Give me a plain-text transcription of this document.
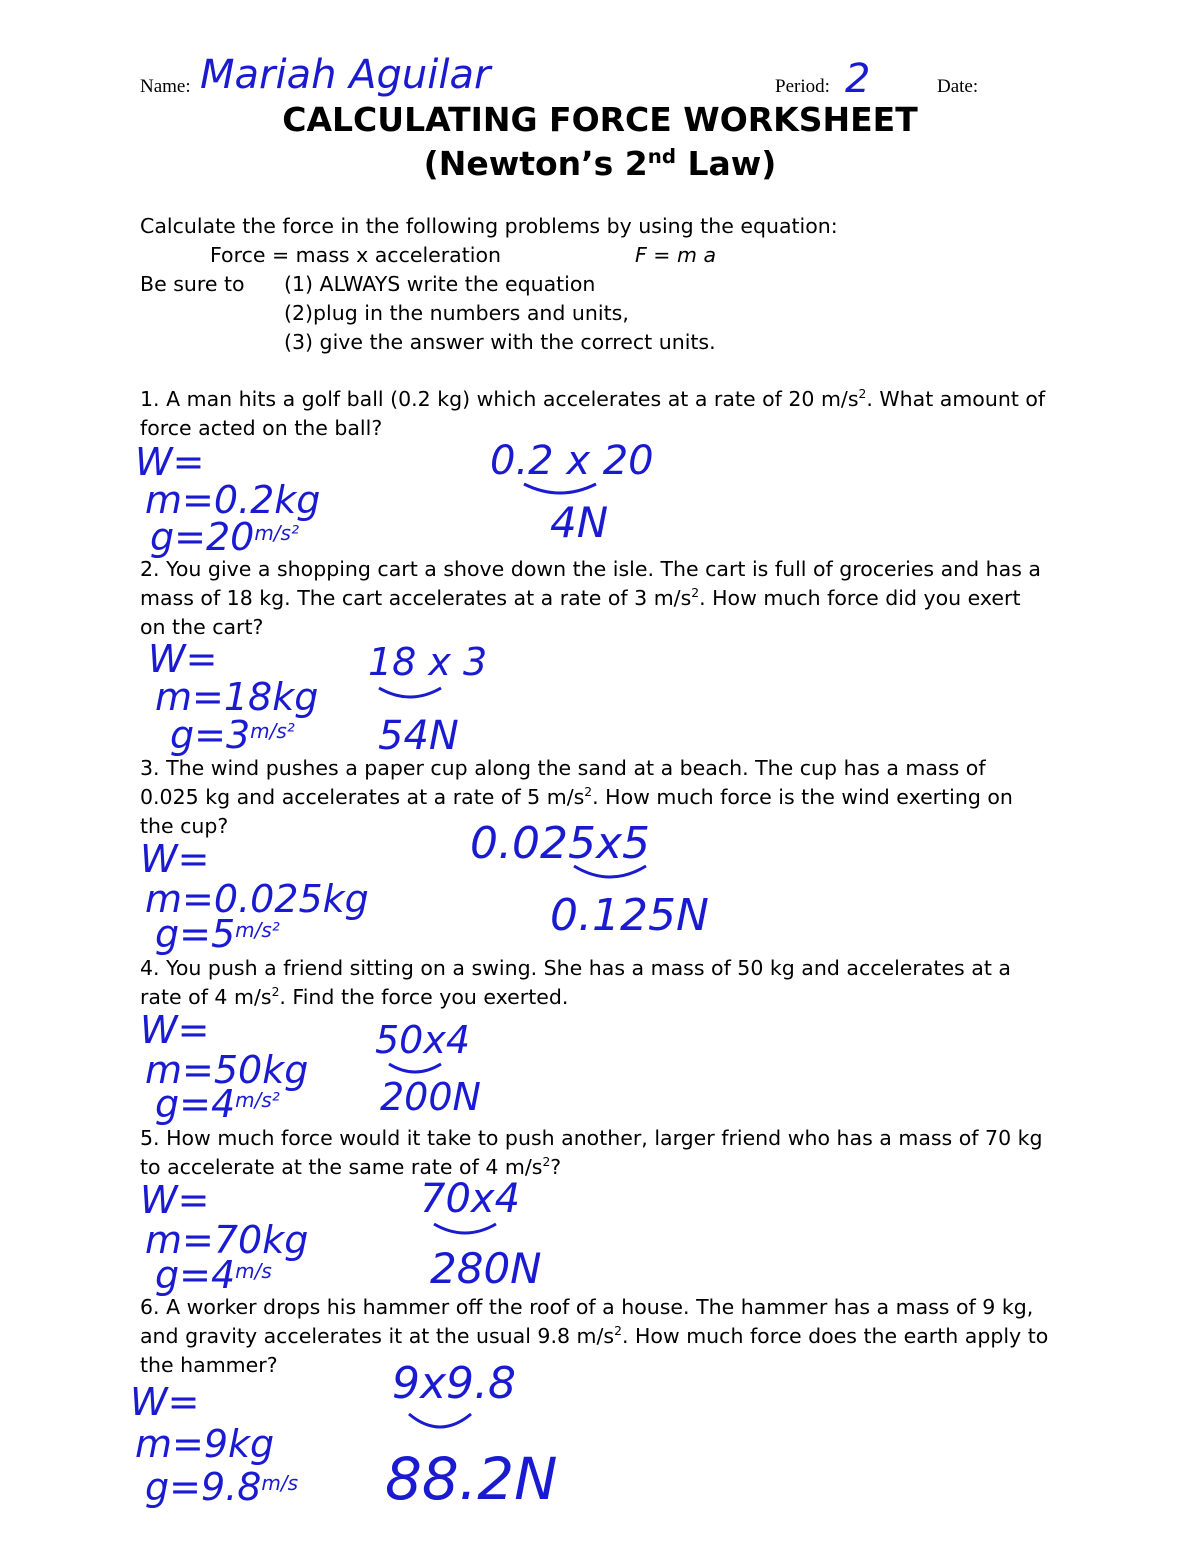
Name: Mariah Aguilar	Period: 2	Date:
CALCULATING FORCE WORKSHEET
(Newton’s 2nd Law)
Calculate the force in the following problems by using the equation:
Force = mass x acceleration	F = m a
Be sure to (1) ALWAYS write the equation
(2)plug in the numbers and units,
(3) give the answer with the correct units.

1. A man hits a golf ball (0.2 kg) which accelerates at a rate of 20 $m/s^2$. What amount of force acted on the ball?

W=
m=0.2kg
$g=20^{m/s^2}$
0.2 x 20
4N

2. You give a shopping cart a shove down the isle. The cart is full of groceries and has a mass of 18 kg. The cart accelerates at a rate of 3 $m/s^2$. How much force did you exert on the cart?

W=
m=18kg
$g=3^{m/s^2}$
18 x 3
54N

3. The wind pushes a paper cup along the sand at a beach. The cup has a mass of 0.025 kg and accelerates at a rate of 5 $m/s^2$. How much force is the wind exerting on the cup?

W=
m=0.025kg
$g=5^{m/s^2}$
0.025x5
0.125N

4. You push a friend sitting on a swing. She has a mass of 50 kg and accelerates at a rate of 4 $m/s^2$. Find the force you exerted.

W=
m=50kg
$g=4^{m/s^2}$
50x4
200N

5. How much force would it take to push another, larger friend who has a mass of 70 kg to accelerate at the same rate of 4 $m/s^2$?

W=
m=70kg
$g=4^{m/s}$
70x4
280N

6. A worker drops his hammer off the roof of a house. The hammer has a mass of 9 kg, and gravity accelerates it at the usual 9.8 $m/s^2$. How much force does the earth apply to the hammer?

W=
m=9kg
$g=9.8^{m/s}$
9x9.8
88.2N
